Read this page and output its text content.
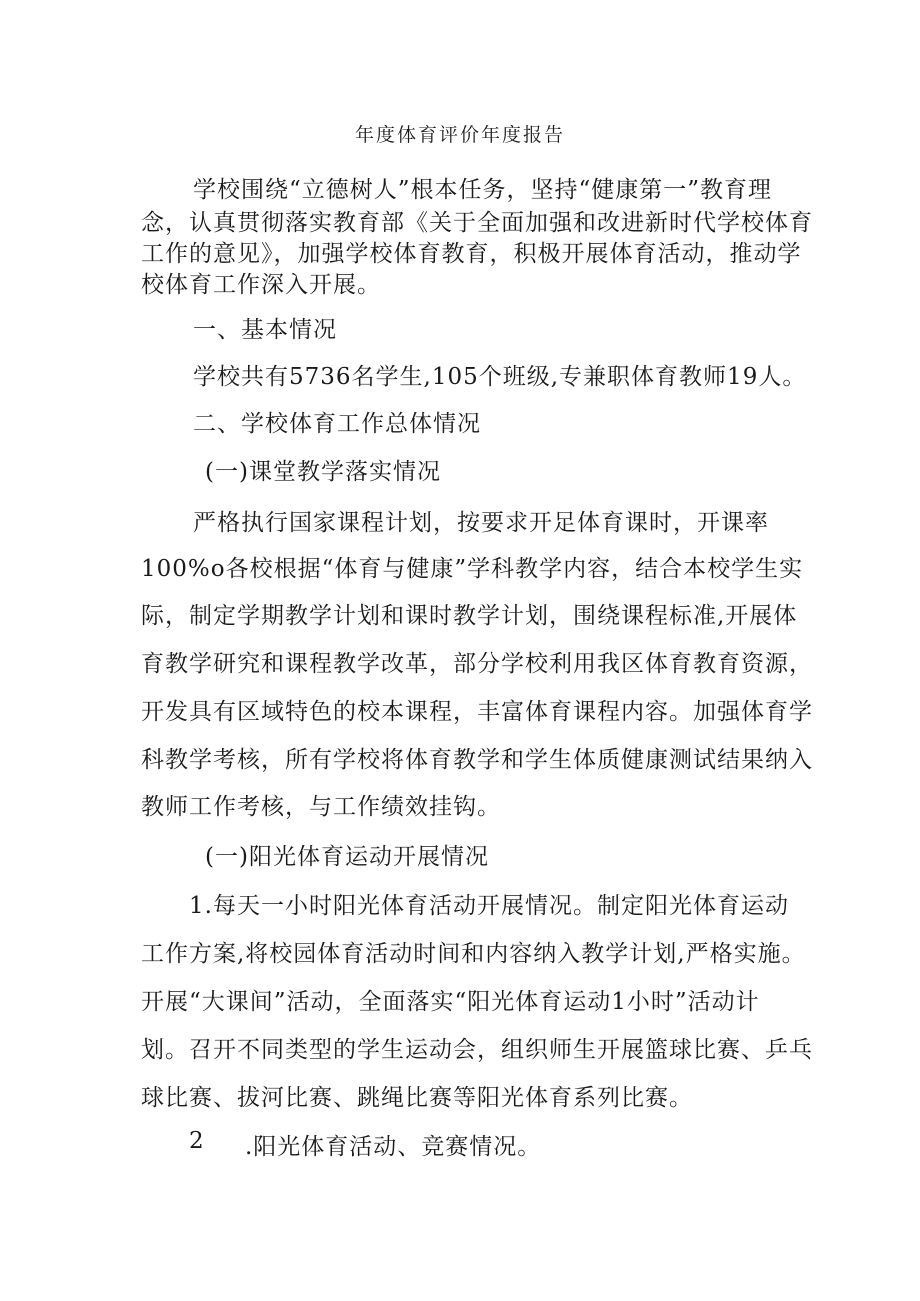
年度体育评价年度报告
学校围绕“立德树人”根本任务，坚持“健康第一”教育理
念，认真贯彻落实教育部《关于全面加强和改进新时代学校体育
工作的意见》，加强学校体育教育，积极开展体育活动，推动学
校体育工作深入开展。
一、基本情况
学校共有5736名学生,105个班级,专兼职体育教师19人。
二、学校体育工作总体情况
(一)课堂教学落实情况
严格执行国家课程计划，按要求开足体育课时，开课率
100%o各校根据“体育与健康”学科教学内容，结合本校学生实
际，制定学期教学计划和课时教学计划，围绕课程标准,开展体
育教学研究和课程教学改革，部分学校利用我区体育教育资源，
开发具有区域特色的校本课程，丰富体育课程内容。加强体育学
科教学考核，所有学校将体育教学和学生体质健康测试结果纳入
教师工作考核，与工作绩效挂钩。
(一)阳光体育运动开展情况
1.每天一小时阳光体育活动开展情况。制定阳光体育运动
工作方案,将校园体育活动时间和内容纳入教学计划,严格实施。
开展“大课间”活动，全面落实“阳光体育运动1小时”活动计
划。召开不同类型的学生运动会，组织师生开展篮球比赛、乒乓
球比赛、拔河比赛、跳绳比赛等阳光体育系列比赛。
2	.阳光体育活动、竞赛情况。
